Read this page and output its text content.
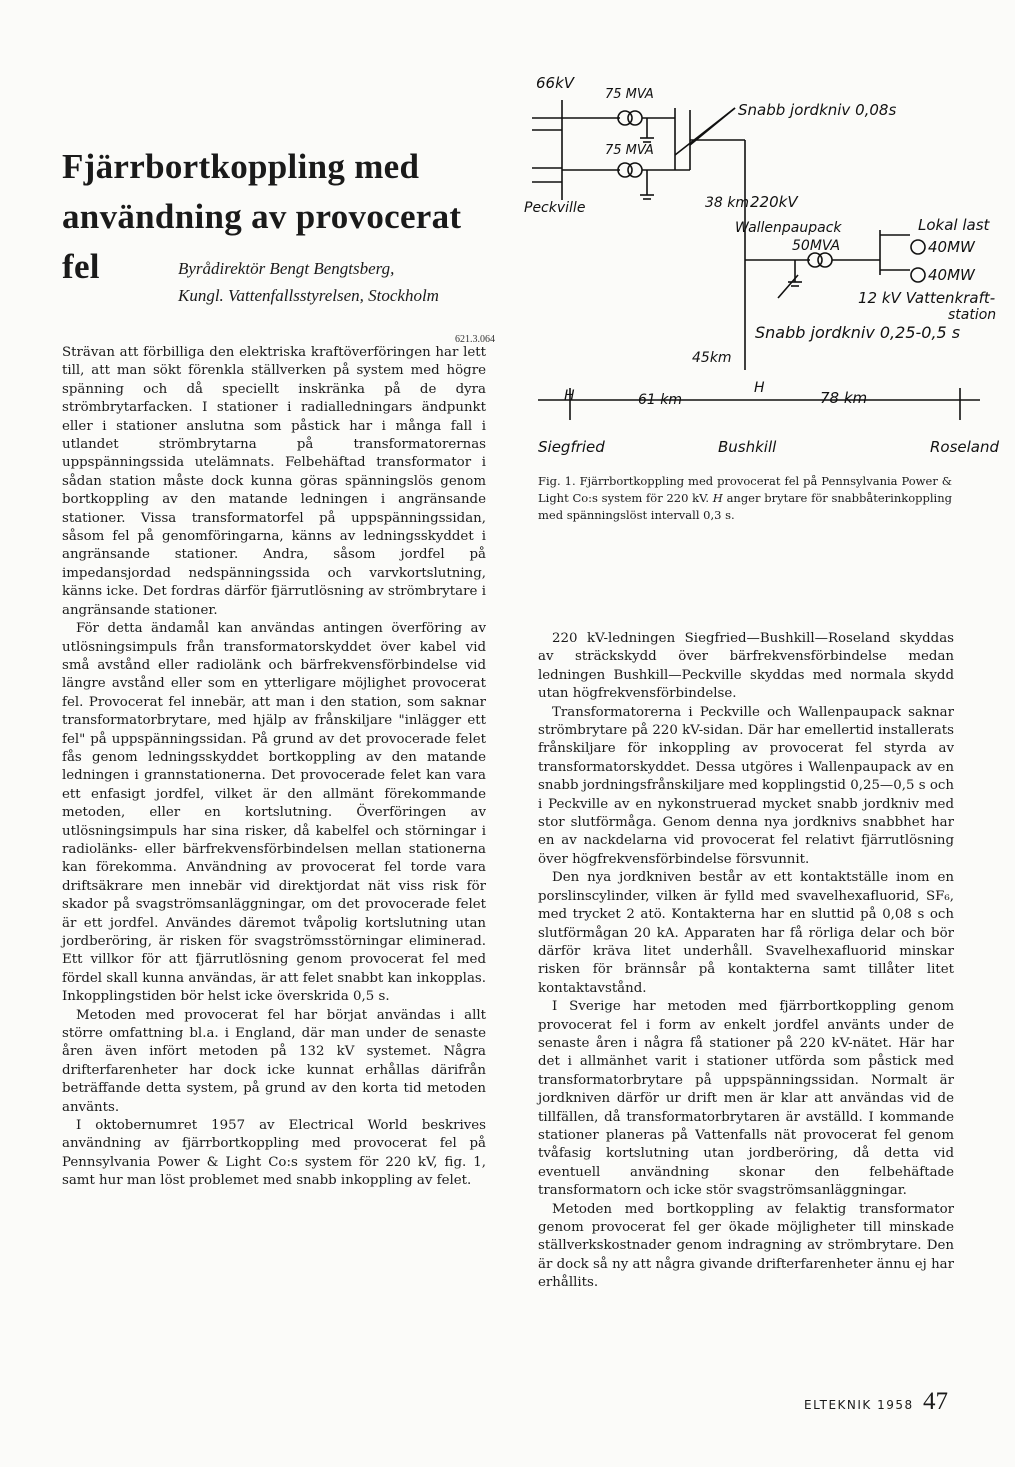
Fjärrbortkoppling med användning av provocerat fel	Byrådirektör Bengt Bengtsberg,
Kungl. Vattenfallsstyrelsen, Stockholm
621.3.064

Strävan att förbilliga den elektriska kraftöverföringen har lett till, att man sökt förenkla ställverken på system med högre spänning och då speciellt inskränka på de dyra strömbrytarfacken. I stationer i radialledningars ändpunkt eller i stationer anslutna som påstick har i många fall i utlandet strömbrytarna på transformatorernas uppspänningssida utelämnats. Felbehäftad transformator i sådan station måste dock kunna göras spänningslös genom bortkoppling av den matande ledningen i angränsande stationer. Vissa transformatorfel på uppspänningssidan, såsom fel på genomföringarna, känns av ledningsskyddet i angränsande stationer. Andra, såsom jordfel på impedansjordad nedspänningssida och varvkortslutning, känns icke. Det fordras därför fjärrutlösning av strömbrytare i angränsande stationer.

För detta ändamål kan användas antingen överföring av utlösningsimpuls från transformatorskyddet över kabel vid små avstånd eller radiolänk och bärfrekvensförbindelse vid längre avstånd eller som en ytterligare möjlighet provocerat fel. Provocerat fel innebär, att man i den station, som saknar transformatorbrytare, med hjälp av frånskiljare "inlägger ett fel" på uppspänningssidan. På grund av det provocerade felet fås genom ledningsskyddet bortkoppling av den matande ledningen i grannstationerna. Det provocerade felet kan vara ett enfasigt jordfel, vilket är den allmänt förekommande metoden, eller en kortslutning. Överföringen av utlösningsimpuls har sina risker, då kabelfel och störningar i radiolänks- eller bärfrekvensförbindelsen mellan stationerna kan förekomma. Användning av provocerat fel torde vara driftsäkrare men innebär vid direktjordat nät viss risk för skador på svagströmsanläggningar, om det provocerade felet är ett jordfel. Användes däremot tvåpolig kortslutning utan jordberöring, är risken för svagströmsstörningar eliminerad. Ett villkor för att fjärrutlösning genom provocerat fel med fördel skall kunna användas, är att felet snabbt kan inkopplas. Inkopplingstiden bör helst icke överskrida 0,5 s.

Metoden med provocerat fel har börjat användas i allt större omfattning bl.a. i England, där man under de senaste åren även infört metoden på 132 kV systemet. Några drifterfarenheter har dock icke kunnat erhållas därifrån beträffande detta system, på grund av den korta tid metoden använts.

I oktobernumret 1957 av Electrical World beskrives användning av fjärrbortkoppling med provocerat fel på Pennsylvania Power & Light Co:s system för 220 kV, fig. 1, samt hur man löst problemet med snabb inkoppling av felet.

66kV
75 MVA
75 MVA
Snabb jordkniv 0,08s
Peckville	38 km 220kV
Wallenpaupack
50MVA
Lokal last
40MW
40MW
12 kV Vattenkraft-
station
Snabb jordkniv 0,25-0,5 s
45km
H	61 km
H
78 km
Siegfried	Bushkill	Roseland

Fig. 1. Fjärrbortkoppling med provocerat fel på Pennsylvania Power & Light Co:s system för 220 kV. H anger brytare för snabbåterinkoppling med spänningslöst intervall 0,3 s.

220 kV-ledningen Siegfried—Bushkill—Roseland skyddas av sträckskydd över bärfrekvensförbindelse medan ledningen Bushkill—Peckville skyddas med normala skydd utan högfrekvensförbindelse.

Transformatorerna i Peckville och Wallenpaupack saknar strömbrytare på 220 kV-sidan. Där har emellertid installerats frånskiljare för inkoppling av provocerat fel styrda av transformatorskyddet. Dessa utgöres i Wallenpaupack av en snabb jordningsfrånskiljare med kopplingstid 0,25—0,5 s och i Peckville av en nykonstruerad mycket snabb jordkniv med stor slutförmåga. Genom denna nya jordknivs snabbhet har en av nackdelarna vid provocerat fel relativt fjärrutlösning över högfrekvensförbindelse försvunnit.

Den nya jordkniven består av ett kontaktställe inom en porslinscylinder, vilken är fylld med svavelhexafluorid, SF₆, med trycket 2 atö. Kontakterna har en sluttid på 0,08 s och slutförmågan 20 kA. Apparaten har få rörliga delar och bör därför kräva litet underhåll. Svavelhexafluorid minskar risken för brännsår på kontakterna samt tillåter litet kontaktavstånd.

I Sverige har metoden med fjärrbortkoppling genom provocerat fel i form av enkelt jordfel använts under de senaste åren i några få stationer på 220 kV-nätet. Här har det i allmänhet varit i stationer utförda som påstick med transformatorbrytare på uppspänningssidan. Normalt är jordkniven därför ur drift men är klar att användas vid de tillfällen, då transformatorbrytaren är avställd. I kommande stationer planeras på Vattenfalls nät provocerat fel genom tvåfasig kortslutning utan jordberöring, då detta vid eventuell användning skonar den felbehäftade transformatorn och icke stör svagströmsanläggningar.

Metoden med bortkoppling av felaktig transformator genom provocerat fel ger ökade möjligheter till minskade ställverkskostnader genom indragning av strömbrytare. Den är dock så ny att några givande drifterfarenheter ännu ej har erhållits.

ELTEKNIK 1958 47
